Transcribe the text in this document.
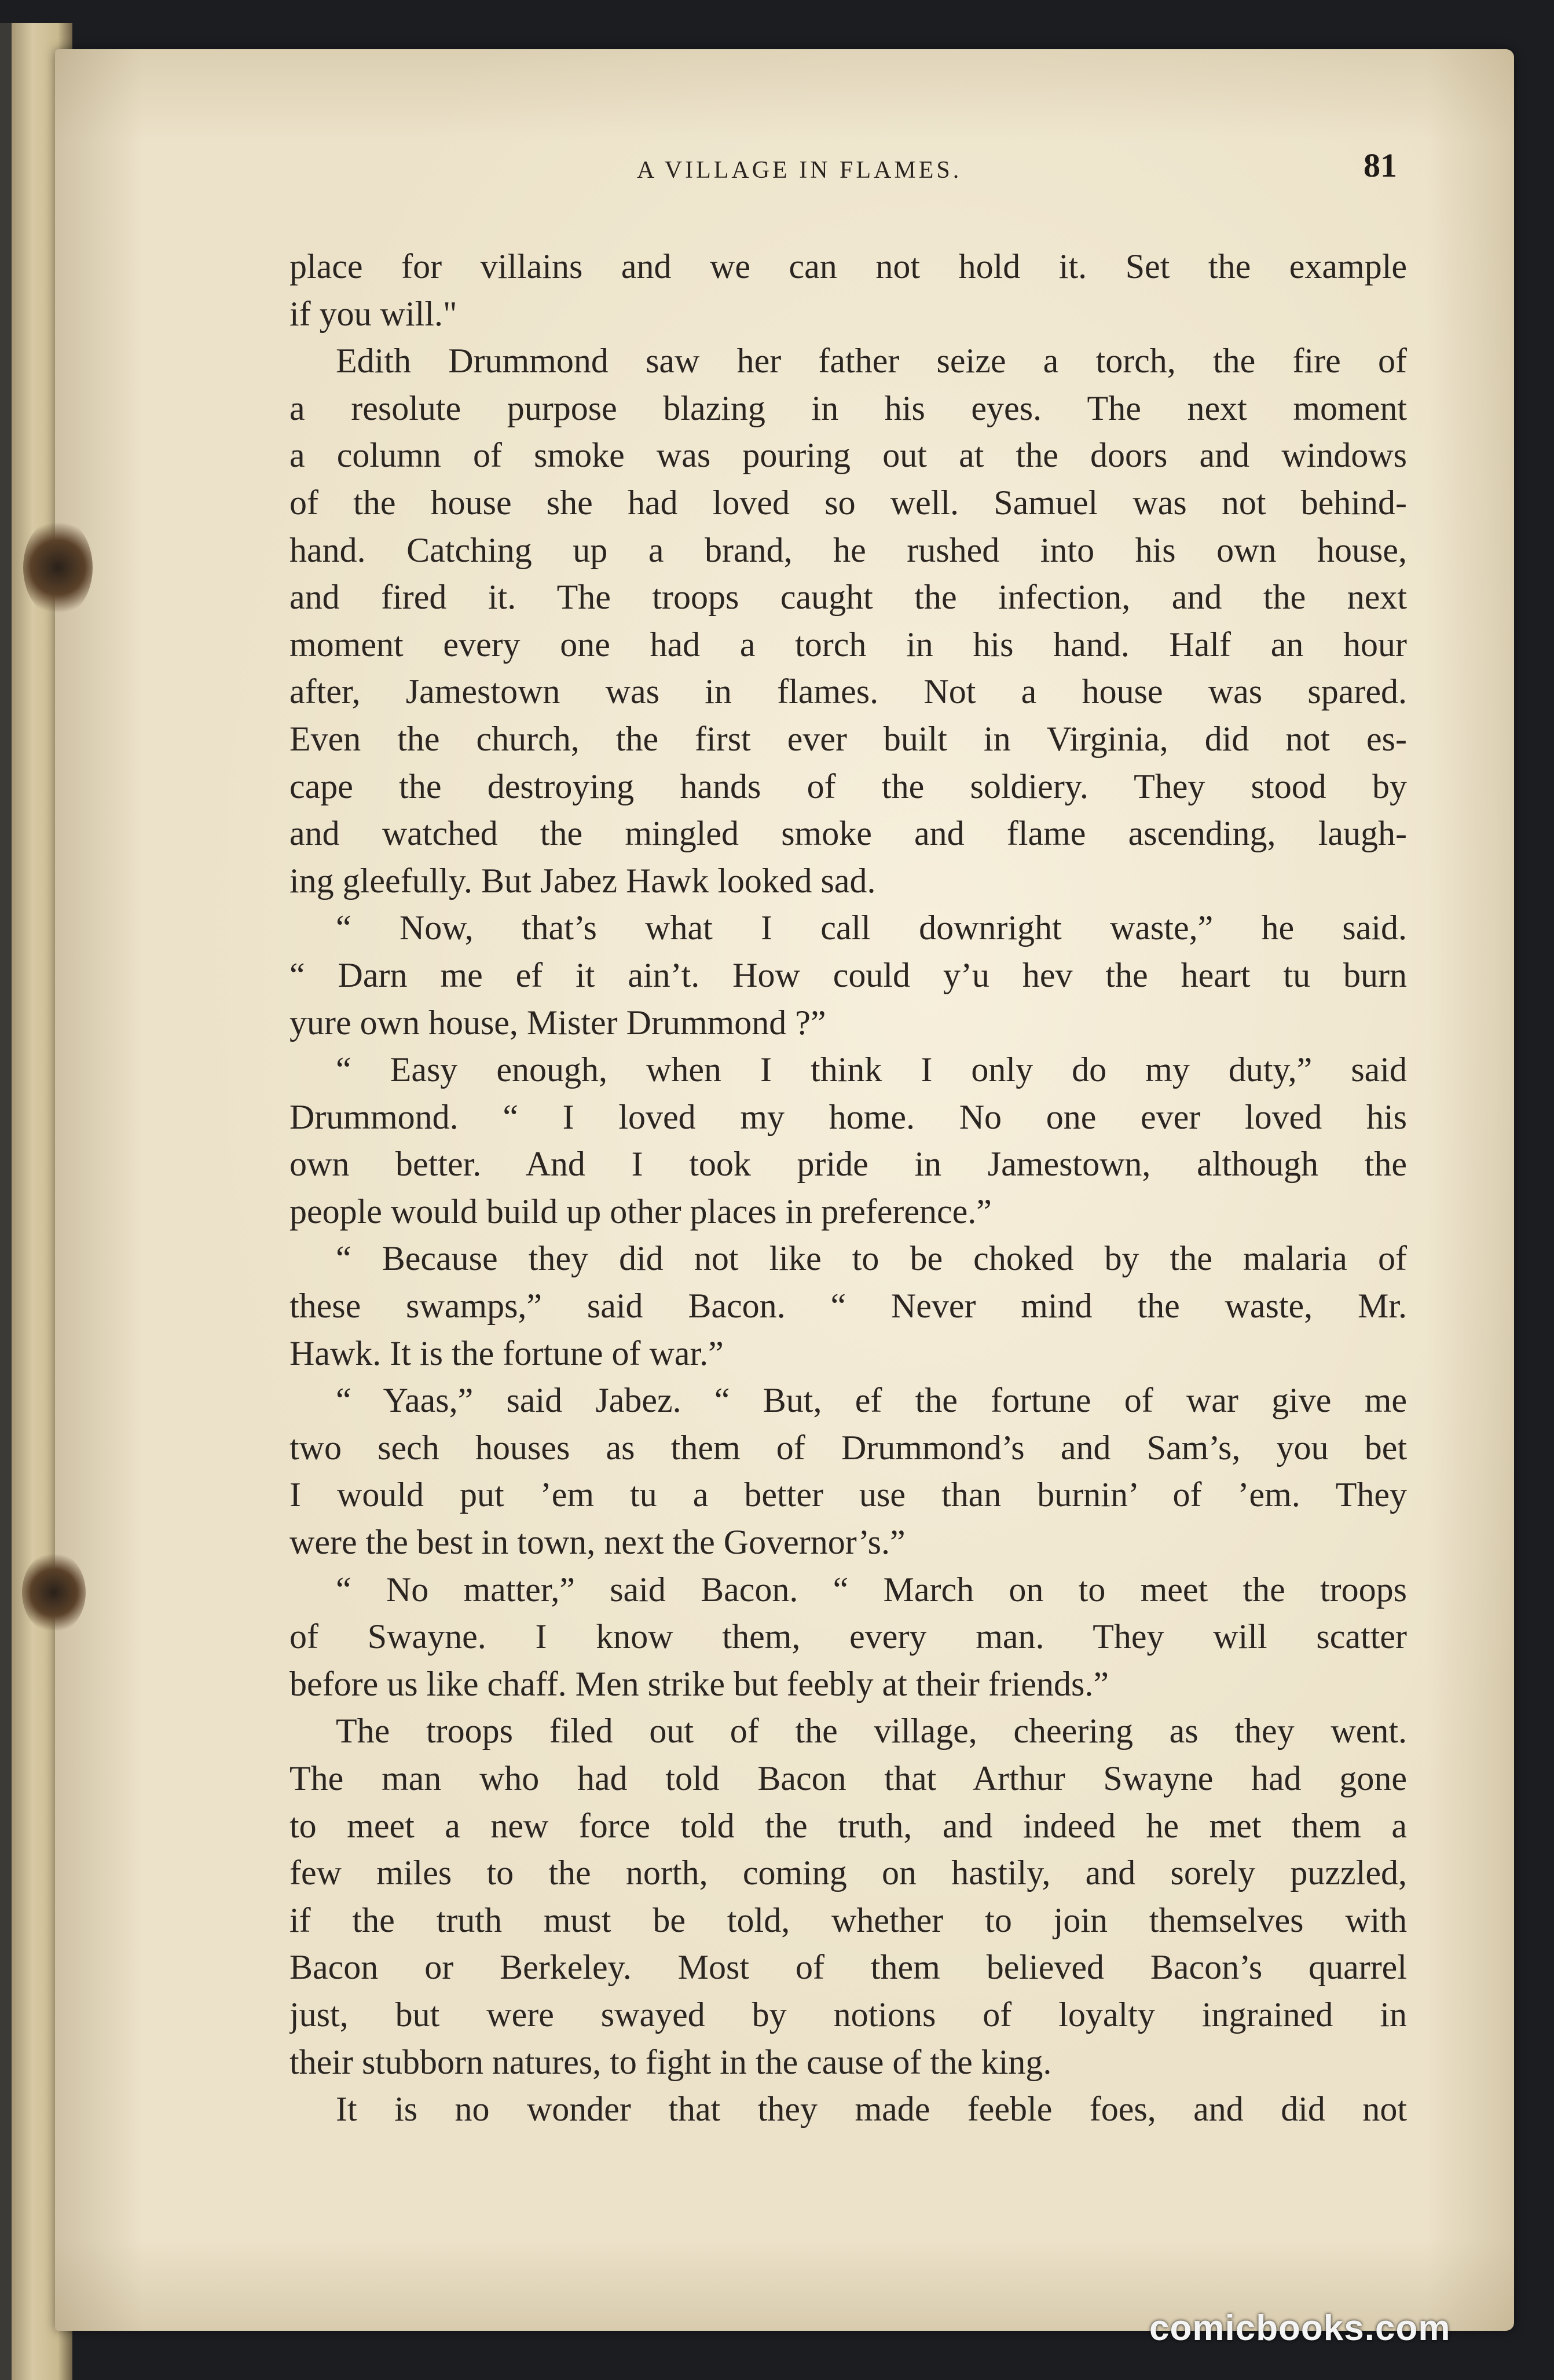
A VILLAGE IN FLAMES.	81
place for villains and we can not hold it. Set the example
if you will."
Edith Drummond saw her father seize a torch, the fire of
a resolute purpose blazing in his eyes. The next moment
a column of smoke was pouring out at the doors and windows
of the house she had loved so well. Samuel was not behind-
hand. Catching up a brand, he rushed into his own house,
and fired it. The troops caught the infection, and the next
moment every one had a torch in his hand. Half an hour
after, Jamestown was in flames. Not a house was spared.
Even the church, the first ever built in Virginia, did not es-
cape the destroying hands of the soldiery. They stood by
and watched the mingled smoke and flame ascending, laugh-
ing gleefully. But Jabez Hawk looked sad.
“ Now, that’s what I call downright waste,” he said.
“ Darn me ef it ain’t. How could y’u hev the heart tu burn
yure own house, Mister Drummond ?”
“ Easy enough, when I think I only do my duty,” said
Drummond. “ I loved my home. No one ever loved his
own better. And I took pride in Jamestown, although the
people would build up other places in preference.”
“ Because they did not like to be choked by the malaria of
these swamps,” said Bacon. “ Never mind the waste, Mr.
Hawk. It is the fortune of war.”
“ Yaas,” said Jabez. “ But, ef the fortune of war give me
two sech houses as them of Drummond’s and Sam’s, you bet
I would put ’em tu a better use than burnin’ of ’em. They
were the best in town, next the Governor’s.”
“ No matter,” said Bacon. “ March on to meet the troops
of Swayne. I know them, every man. They will scatter
before us like chaff. Men strike but feebly at their friends.”
The troops filed out of the village, cheering as they went.
The man who had told Bacon that Arthur Swayne had gone
to meet a new force told the truth, and indeed he met them a
few miles to the north, coming on hastily, and sorely puzzled,
if the truth must be told, whether to join themselves with
Bacon or Berkeley. Most of them believed Bacon’s quarrel
just, but were swayed by notions of loyalty ingrained in
their stubborn natures, to fight in the cause of the king.
It is no wonder that they made feeble foes, and did not
comicbooks.com
